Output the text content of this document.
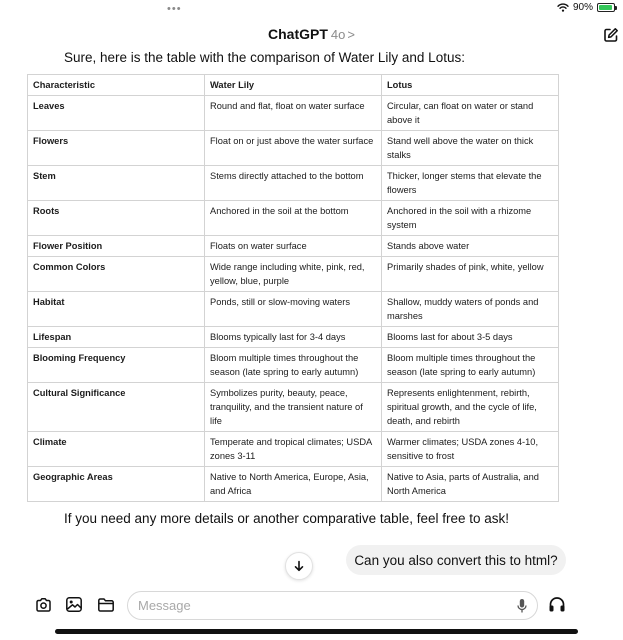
•••	90%
ChatGPT 4o >
Sure, here is the table with the comparison of Water Lily and Lotus:
Characteristic	Water Lily	Lotus
Leaves	Round and flat, float on water surface	Circular, can float on water or stand above it
Flowers	Float on or just above the water surface	Stand well above the water on thick stalks
Stem	Stems directly attached to the bottom	Thicker, longer stems that elevate the flowers
Roots	Anchored in the soil at the bottom	Anchored in the soil with a rhizome system
Flower Position	Floats on water surface	Stands above water
Common Colors	Wide range including white, pink, red, yellow, blue, purple	Primarily shades of pink, white, yellow
Habitat	Ponds, still or slow-moving waters	Shallow, muddy waters of ponds and marshes
Lifespan	Blooms typically last for 3-4 days	Blooms last for about 3-5 days
Blooming Frequency	Bloom multiple times throughout the season (late spring to early autumn)	Bloom multiple times throughout the season (late spring to early autumn)
Cultural Significance	Symbolizes purity, beauty, peace, tranquility, and the transient nature of life	Represents enlightenment, rebirth, spiritual growth, and the cycle of life, death, and rebirth
Climate	Temperate and tropical climates; USDA zones 3-11	Warmer climates; USDA zones 4-10, sensitive to frost
Geographic Areas	Native to North America, Europe, Asia, and Africa	Native to Asia, parts of Australia, and North America
If you need any more details or another comparative table, feel free to ask!
Can you also convert this to html?
Message
